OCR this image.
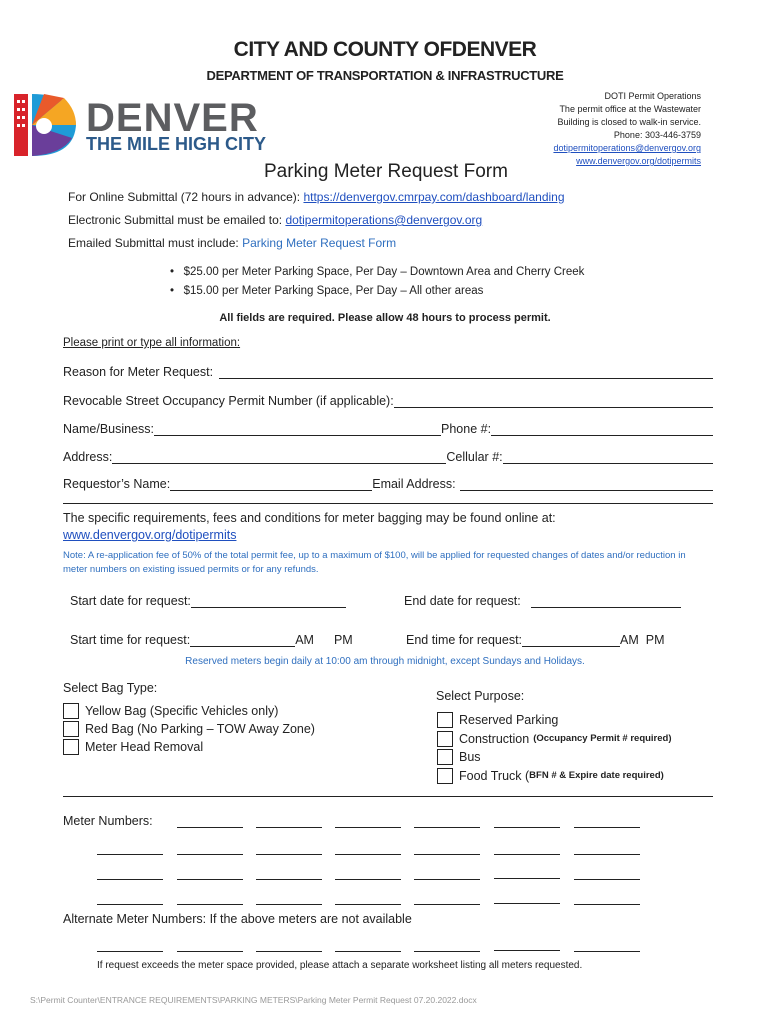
CITY AND COUNTY OFDENVER
DEPARTMENT OF TRANSPORTATION & INFRASTRUCTURE
DENVER
THE MILE HIGH CITY
DOTI Permit Operations
The permit office at the Wastewater
Building is closed to walk-in service.
Phone: 303-446-3759
dotipermitoperations@denvergov.org
www.denvergov.org/dotipermits
Parking Meter Request Form
For Online Submittal (72 hours in advance): https://denvergov.cmrpay.com/dashboard/landing
Electronic Submittal must be emailed to: dotipermitoperations@denvergov.org
Emailed Submittal must include: Parking Meter Request Form
•   $25.00 per Meter Parking Space, Per Day – Downtown Area and Cherry Creek
•   $15.00 per Meter Parking Space, Per Day – All other areas
All fields are required. Please allow 48 hours to process permit.
Please print or type all information:
Reason for Meter Request:
Revocable Street Occupancy Permit Number (if applicable):
Name/Business:	Phone #:
Address:	Cellular #:
Requestor’s Name:	Email Address:
The specific requirements, fees and conditions for meter bagging may be found online at:
www.denvergov.org/dotipermits
Note: A re-application fee of 50% of the total permit fee, up to a maximum of $100, will be applied for requested changes of dates and/or reduction in meter numbers on existing issued permits or for any refunds.
Start date for request:	End date for request:
Start time for request:	AM PM	End time for request:	AM  PM
Reserved meters begin daily at 10:00 am through midnight, except Sundays and Holidays.
Select Bag Type:
Yellow Bag (Specific Vehicles only)
Red Bag (No Parking – TOW Away Zone)
Meter Head Removal
Select Purpose:
Reserved Parking
Construction (Occupancy Permit # required)
Bus
Food Truck ( BFN # & Expire date required)
Meter Numbers:
Alternate Meter Numbers: If the above meters are not available
If request exceeds the meter space provided, please attach a separate worksheet listing all meters requested.
S:\Permit Counter\ENTRANCE REQUIREMENTS\PARKING METERS\Parking Meter Permit Request 07.20.2022.docx
